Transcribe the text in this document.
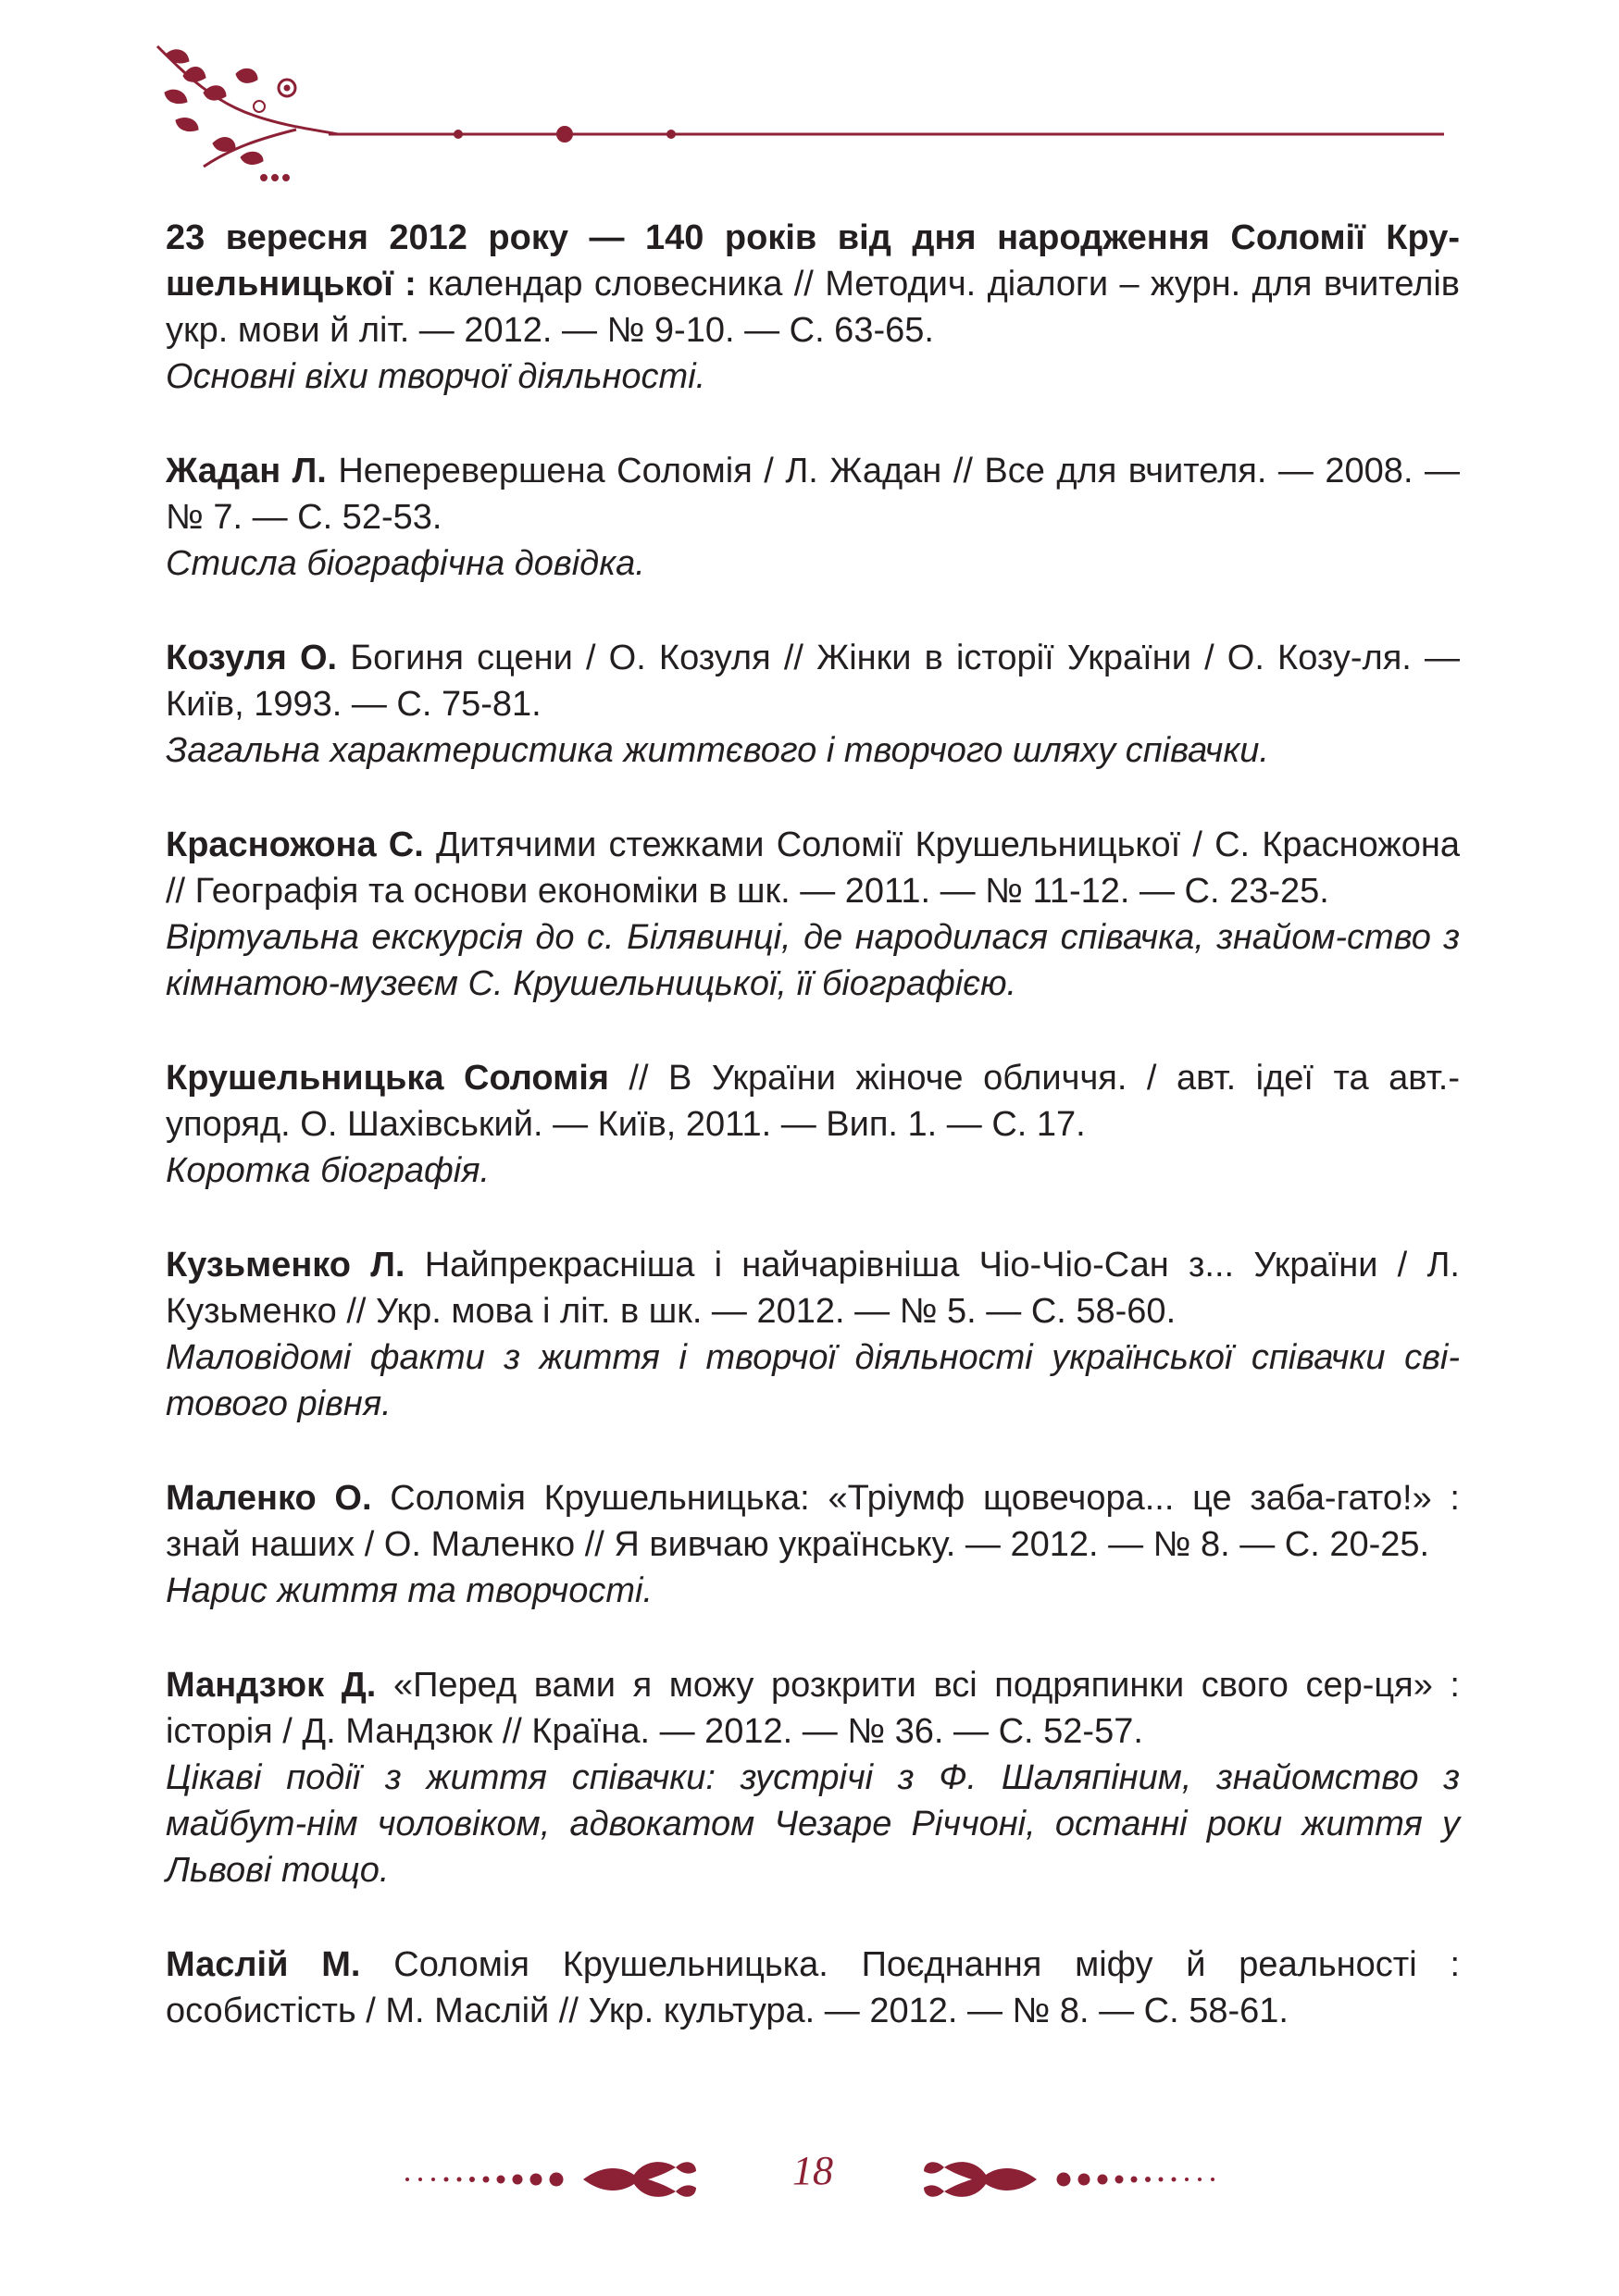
23 вересня 2012 року — 140 років від дня народження Соломії Кру-шельницької : календар словесника // Методич. діалоги – журн. для вчителів укр. мови й літ. — 2012. — № 9-10. — С. 63-65.
Основні віхи творчої діяльності.
Жадан Л. Неперевершена Соломія / Л. Жадан // Все для вчителя. — 2008. — № 7. — С. 52-53.
Стисла біографічна довідка.
Козуля О. Богиня сцени / О. Козуля // Жінки в історії України / О. Козу-ля. — Київ, 1993. — С. 75-81.
Загальна характеристика життєвого і творчого шляху співачки.
Красножона С. Дитячими стежками Соломії Крушельницької / С. Красножона // Географія та основи економіки в шк. — 2011. — № 11-12. — С. 23-25.
Віртуальна екскурсія до с. Білявинці, де народилася співачка, знайом-ство з кімнатою-музеєм С. Крушельницької, її біографією.
Крушельницька Соломія // В України жіноче обличчя. / авт. ідеї та авт.-упоряд. О. Шахівський. — Київ, 2011. — Вип. 1. — С. 17.
Коротка біографія.
Кузьменко Л. Найпрекрасніша і найчарівніша Чіо-Чіо-Сан з... України / Л. Кузьменко // Укр. мова і літ. в шк. — 2012. — № 5. — С. 58-60.
Маловідомі факти з життя і творчої діяльності української співачки сві-тового рівня.
Маленко О. Соломія Крушельницька: «Тріумф щовечора... це заба-гато!» : знай наших / О. Маленко // Я вивчаю українську. — 2012. — № 8. — С. 20-25.
Нарис життя та творчості.
Мандзюк Д. «Перед вами я можу розкрити всі подряпинки свого сер-ця» : історія / Д. Мандзюк // Країна. — 2012. — № 36. — С. 52-57.
Цікаві події з життя співачки: зустрічі з Ф. Шаляпіним, знайомство з майбут-нім чоловіком, адвокатом Чезаре Річчоні, останні роки життя у Львові тощо.
Маслій М. Соломія Крушельницька. Поєднання міфу й реальності : особистість / М. Маслій // Укр. культура. — 2012. — № 8. — С. 58-61.
18
